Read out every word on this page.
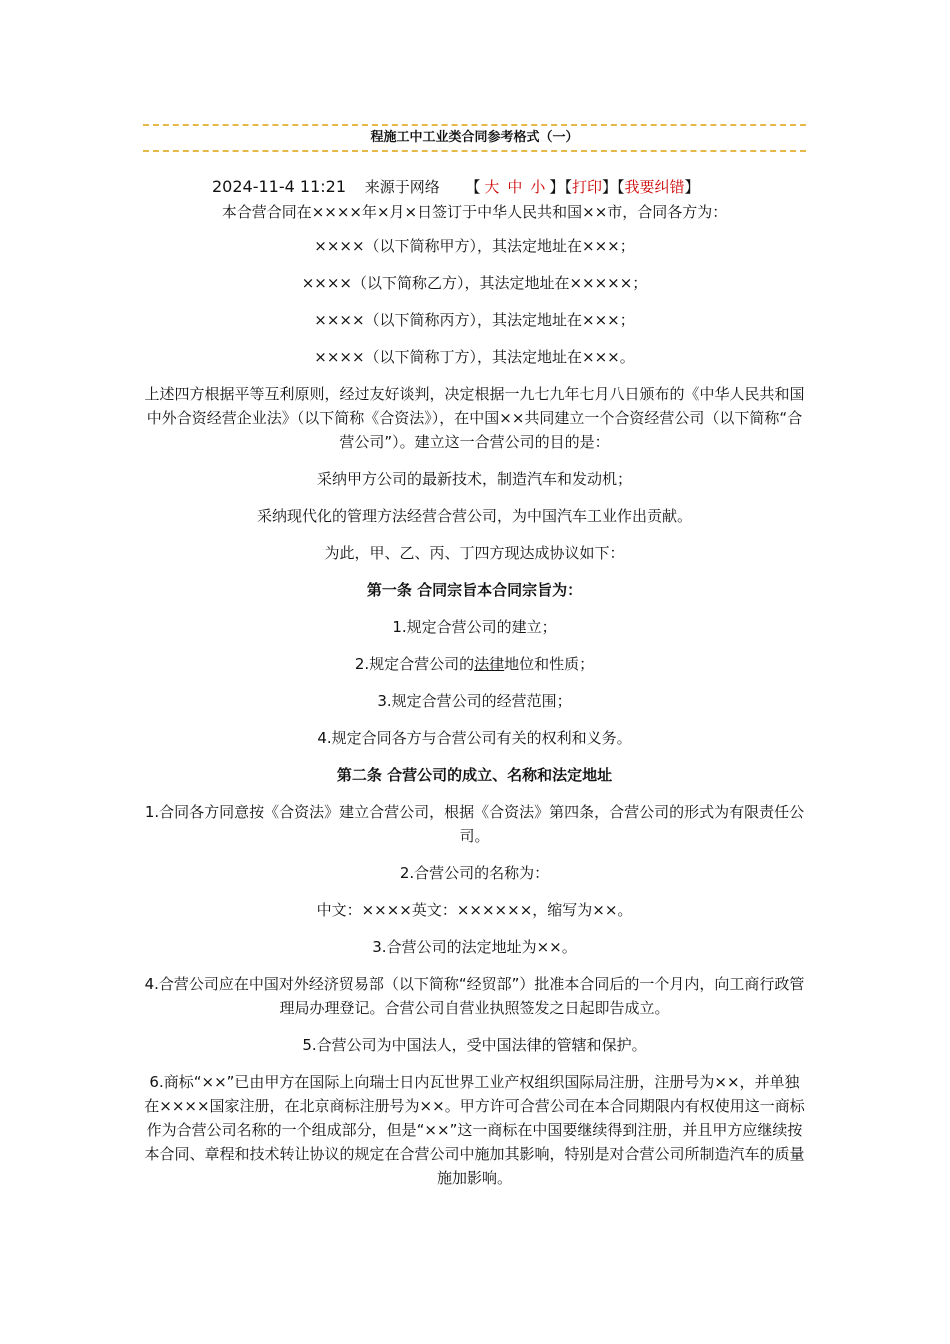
程施工中工业类合同参考格式（一）
2024-11-4 11:21 来源于网络 【 大 中 小 】【打印】【我要纠错】

本合营合同在××××年×月×日签订于中华人民共和国××市，合同各方为：

××××（以下简称甲方），其法定地址在×××；

××××（以下简称乙方），其法定地址在×××××；

××××（以下简称丙方），其法定地址在×××；

××××（以下简称丁方），其法定地址在×××。

上述四方根据平等互利原则，经过友好谈判，决定根据一九七九年七月八日颁布的《中华人民共和国中外合资经营企业法》（以下简称《合资法》），在中国××共同建立一个合资经营公司（以下简称“合营公司”）。建立这一合营公司的目的是：

采纳甲方公司的最新技术，制造汽车和发动机；

采纳现代化的管理方法经营合营公司，为中国汽车工业作出贡献。

为此，甲、乙、丙、丁四方现达成协议如下：

第一条 合同宗旨本合同宗旨为：

1.规定合营公司的建立；

2.规定合营公司的法律地位和性质；

3.规定合营公司的经营范围；

4.规定合同各方与合营公司有关的权利和义务。

第二条 合营公司的成立、名称和法定地址

1.合同各方同意按《合资法》建立合营公司，根据《合资法》第四条，合营公司的形式为有限责任公司。

2.合营公司的名称为：

中文：××××英文：××××××，缩写为××。

3.合营公司的法定地址为××。

4.合营公司应在中国对外经济贸易部（以下简称“经贸部”）批准本合同后的一个月内，向工商行政管理局办理登记。合营公司自营业执照签发之日起即告成立。

5.合营公司为中国法人，受中国法律的管辖和保护。

6.商标“××”已由甲方在国际上向瑞士日内瓦世界工业产权组织国际局注册，注册号为××，并单独在××××国家注册，在北京商标注册号为××。甲方许可合营公司在本合同期限内有权使用这一商标作为合营公司名称的一个组成部分，但是“××”这一商标在中国要继续得到注册，并且甲方应继续按本合同、章程和技术转让协议的规定在合营公司中施加其影响，特别是对合营公司所制造汽车的质量施加影响。
